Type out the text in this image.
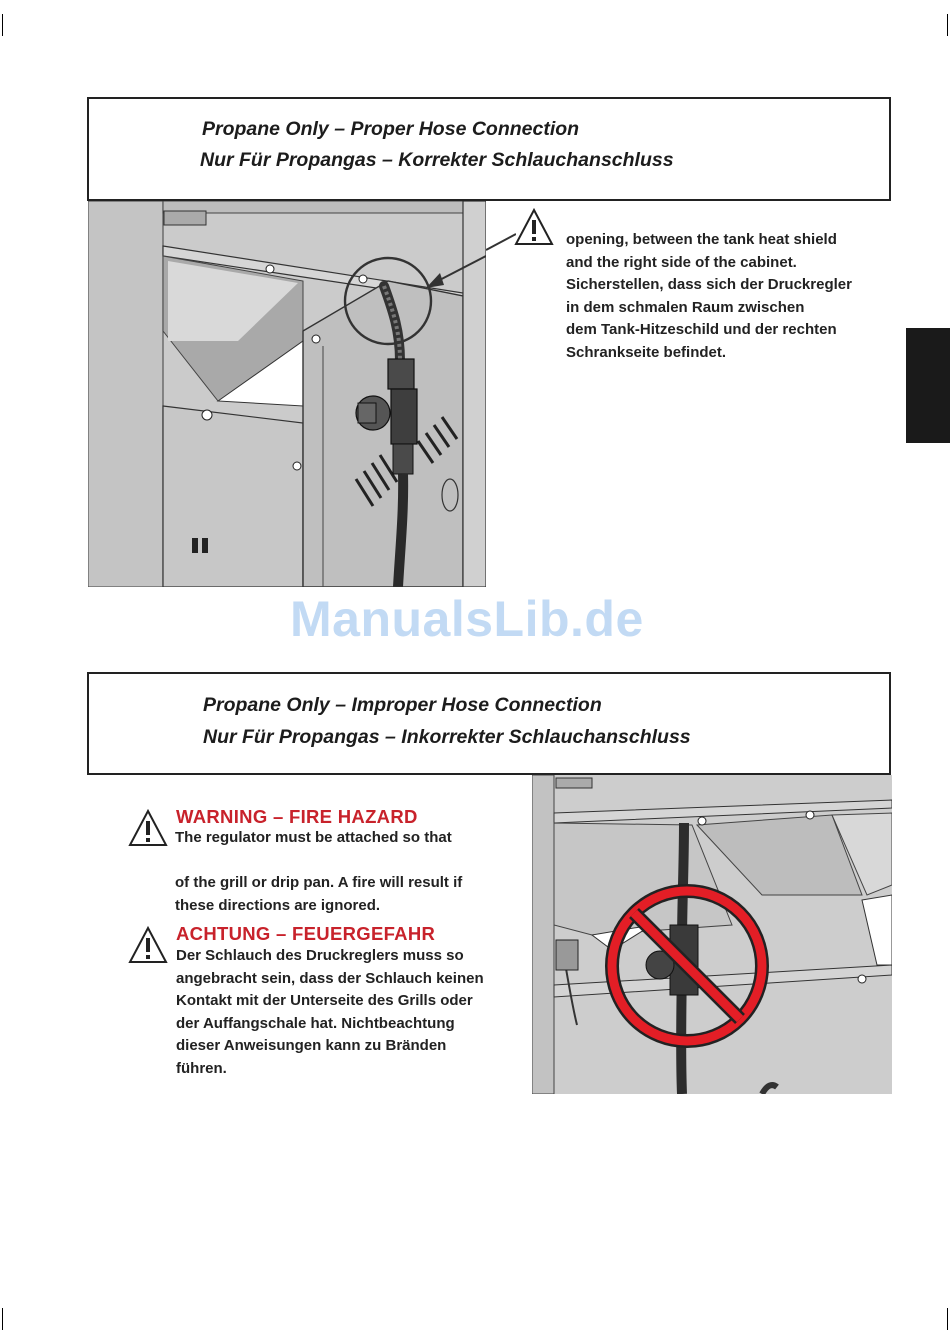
Propane Only – Proper Hose Connection
Nur Für Propangas – Korrekter Schlauchanschluss
opening, between the tank heat shield
and the right side of the cabinet.
Sicherstellen, dass sich der Druckregler
in dem schmalen Raum zwischen
dem Tank-Hitzeschild und der rechten
Schrankseite befindet.
ManualsLib.de
Propane Only – Improper Hose Connection
Nur Für Propangas – Inkorrekter Schlauchanschluss
WARNING – FIRE HAZARD
The regulator must be attached so that
of the grill or drip pan. A fire will result if
these directions are ignored.
ACHTUNG – FEUERGEFAHR
Der Schlauch des Druckreglers muss so
angebracht sein, dass der Schlauch keinen
Kontakt mit der Unterseite des Grills oder
der Auffangschale hat. Nichtbeachtung
dieser Anweisungen kann zu Bränden
führen.
